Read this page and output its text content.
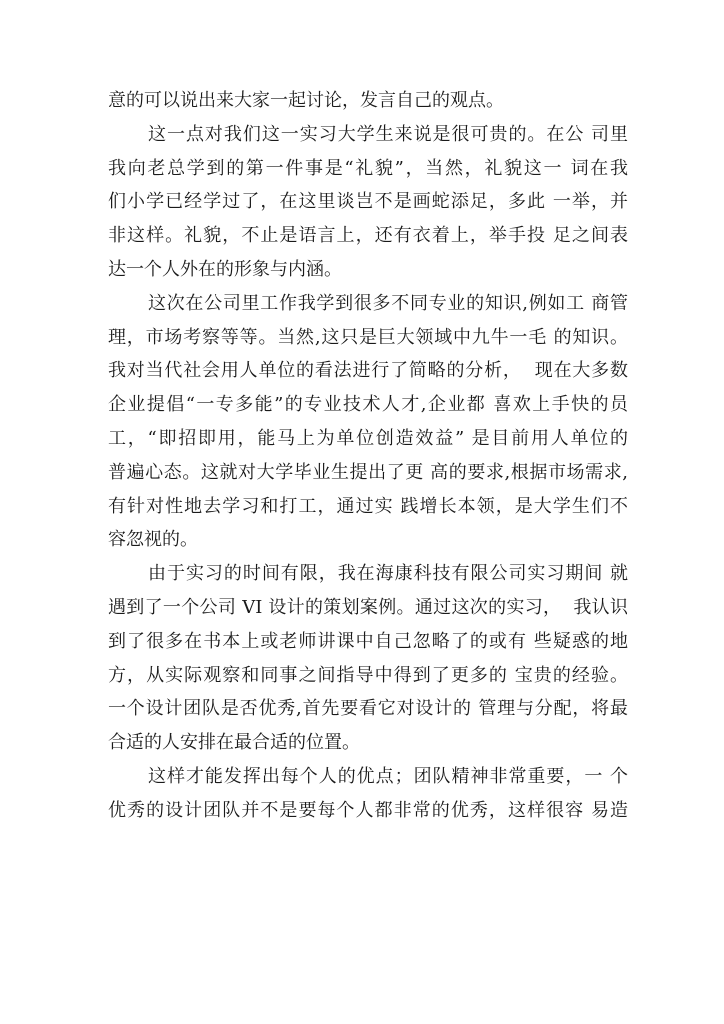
意的可以说出来大家一起讨论，发言自己的观点。
这一点对我们这一实习大学生来说是很可贵的。在公 司里
我向老总学到的第一件事是“礼貌”，当然，礼貌这一 词在我
们小学已经学过了，在这里谈岂不是画蛇添足，多此 一举，并
非这样。礼貌，不止是语言上，还有衣着上，举手投 足之间表
达一个人外在的形象与内涵。
这次在公司里工作我学到很多不同专业的知识,例如工 商管
理，市场考察等等。当然,这只是巨大领域中九牛一毛 的知识。
我对当代社会用人单位的看法进行了简略的分析，  现在大多数
企业提倡“一专多能”的专业技术人才,企业都 喜欢上手快的员
工，“即招即用，能马上为单位创造效益” 是目前用人单位的
普遍心态。这就对大学毕业生提出了更 高的要求,根据市场需求,
有针对性地去学习和打工，通过实 践增长本领，是大学生们不
容忽视的。
由于实习的时间有限，我在海康科技有限公司实习期间 就
遇到了一个公司 VI 设计的策划案例。通过这次的实习，  我认识
到了很多在书本上或老师讲课中自己忽略了的或有 些疑惑的地
方，从实际观察和同事之间指导中得到了更多的 宝贵的经验。
一个设计团队是否优秀,首先要看它对设计的 管理与分配，将最
合适的人安排在最合适的位置。
这样才能发挥出每个人的优点；团队精神非常重要，一 个
优秀的设计团队并不是要每个人都非常的优秀，这样很容 易造
